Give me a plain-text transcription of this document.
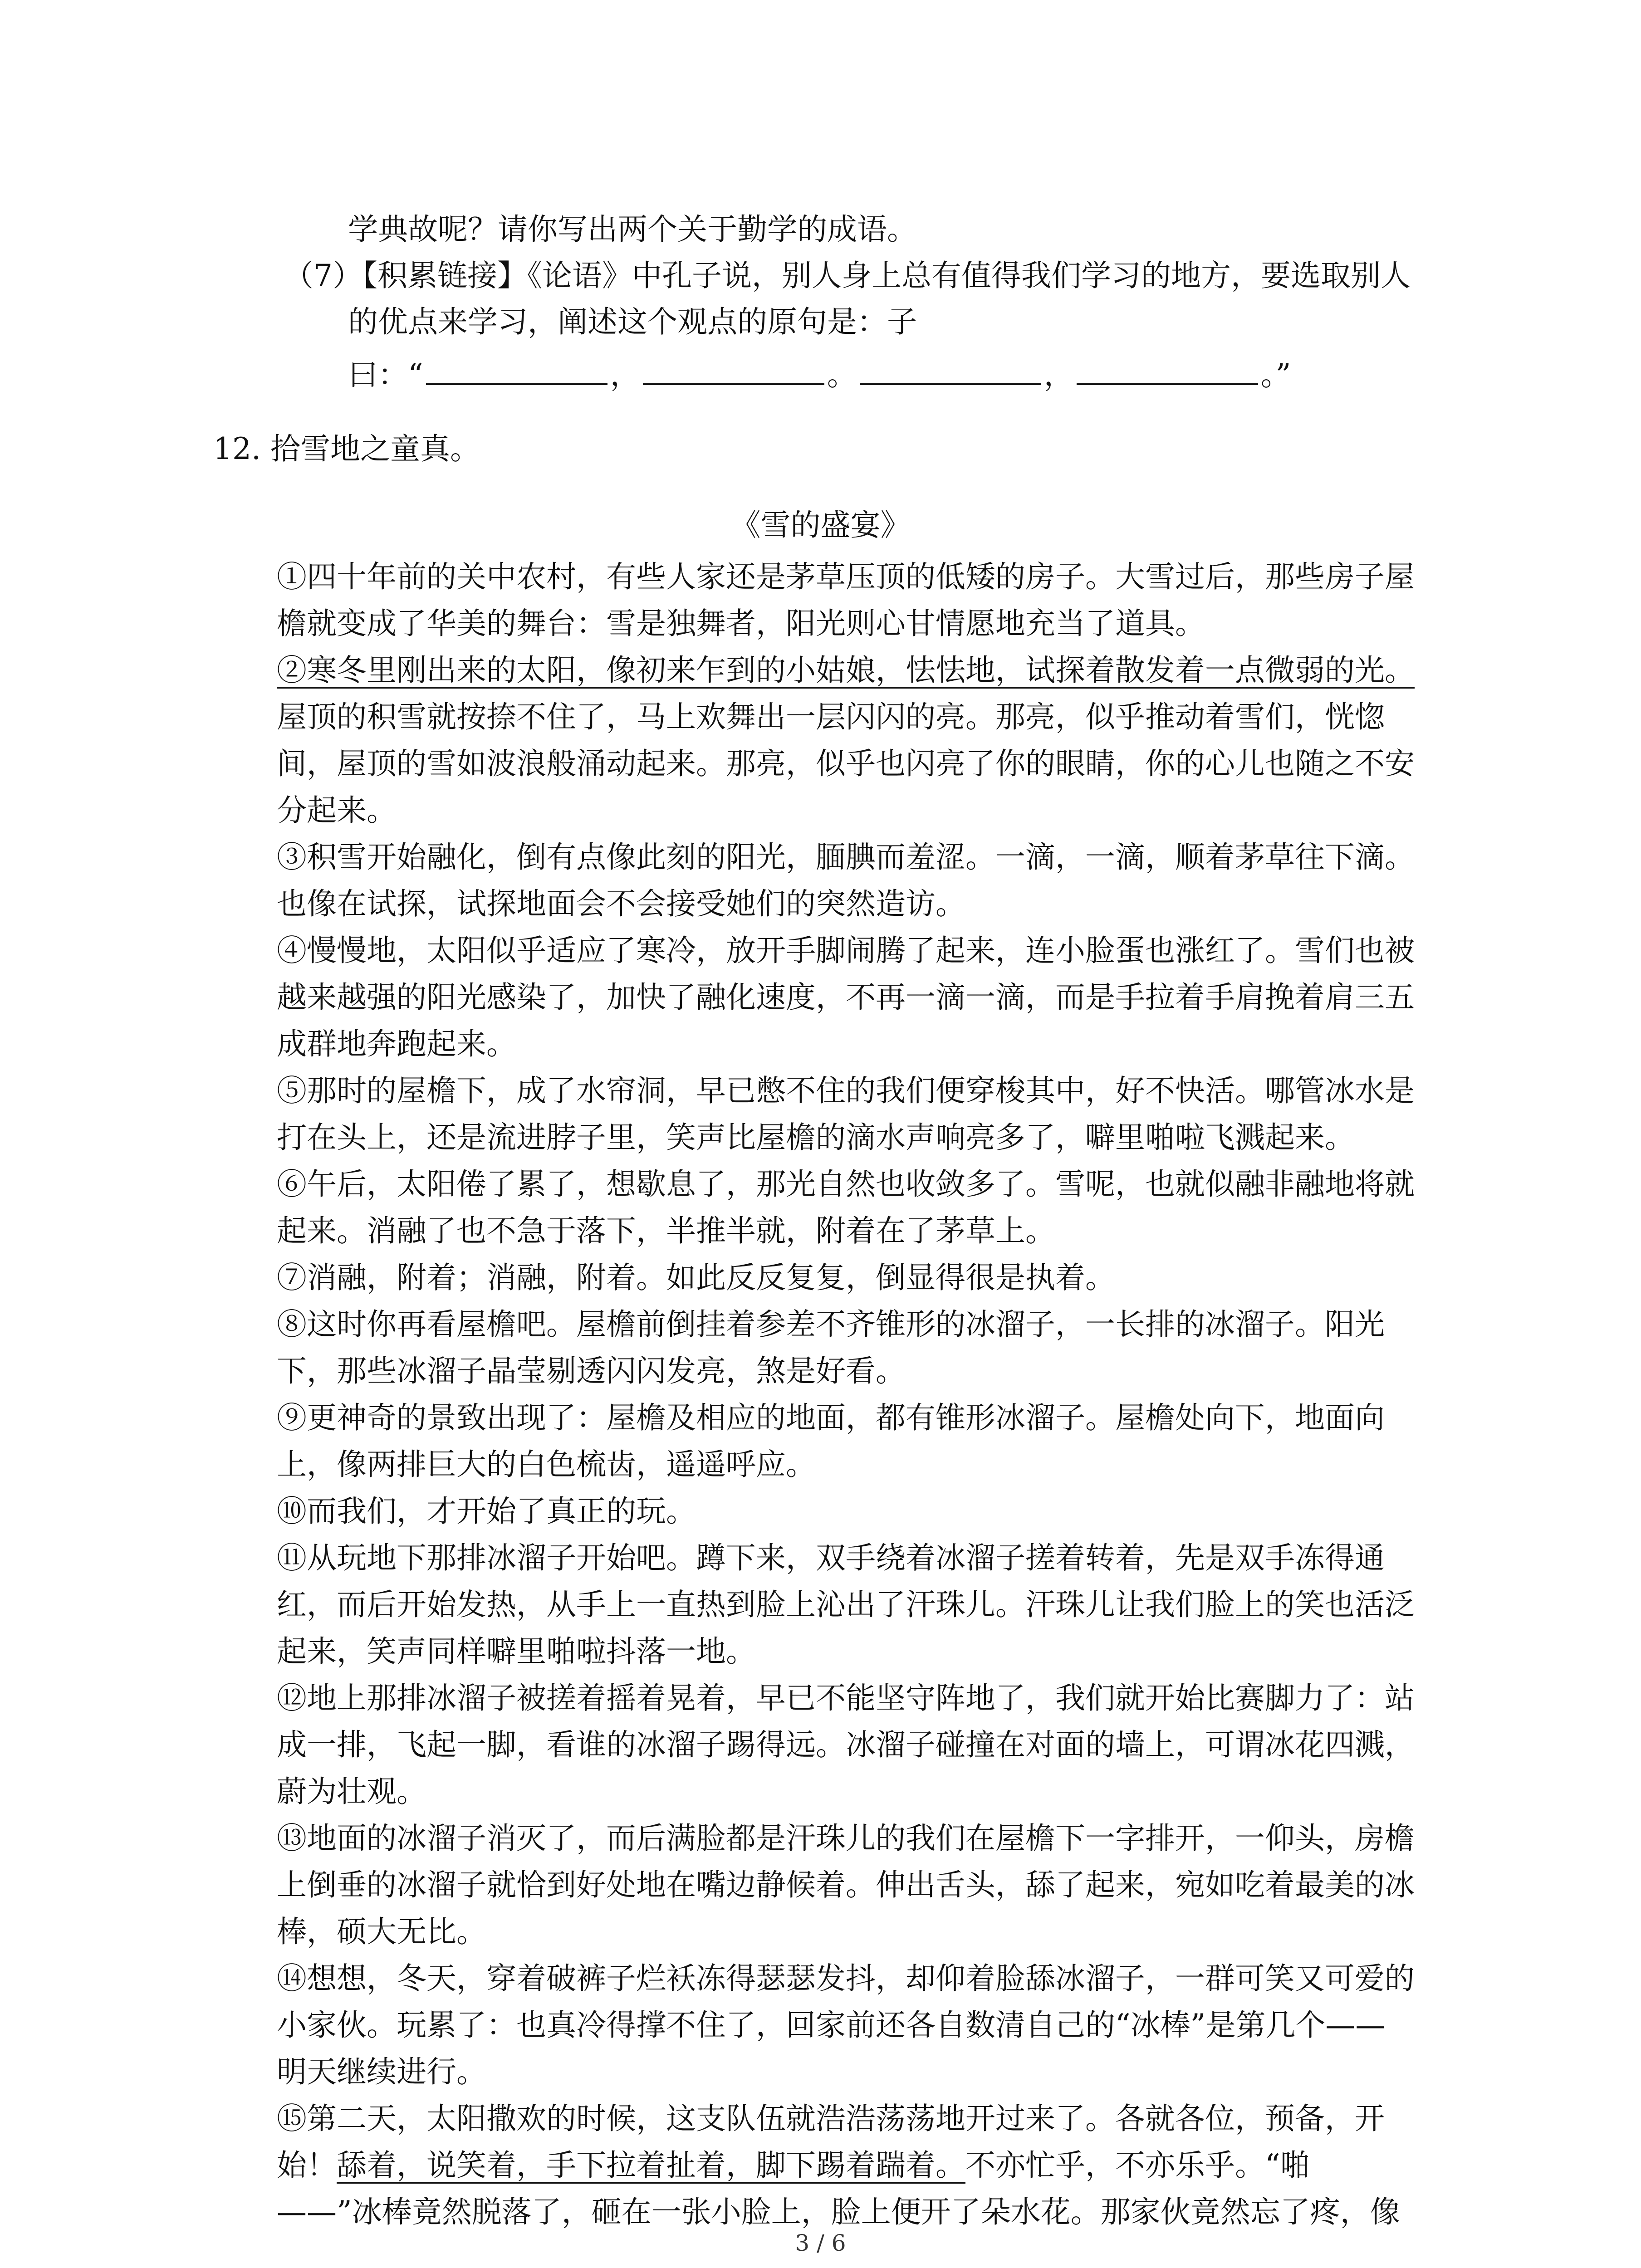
学典故呢？请你写出两个关于勤学的成语。
（7）【积累链接】《论语》中孔子说，别人身上总有值得我们学习的地方，要选取别人
的优点来学习，阐述这个观点的原句是：子
曰：“	，	。	，	。”
12. 拾雪地之童真。
《雪的盛宴》
①四十年前的关中农村，有些人家还是茅草压顶的低矮的房子。大雪过后，那些房子屋
檐就变成了华美的舞台：雪是独舞者，阳光则心甘情愿地充当了道具。
②寒冬里刚出来的太阳，像初来乍到的小姑娘，怯怯地，试探着散发着一点微弱的光。
屋顶的积雪就按捺不住了，马上欢舞出一层闪闪的亮。那亮，似乎推动着雪们，恍惚
间，屋顶的雪如波浪般涌动起来。那亮，似乎也闪亮了你的眼睛，你的心儿也随之不安
分起来。
③积雪开始融化，倒有点像此刻的阳光，腼腆而羞涩。一滴，一滴，顺着茅草往下滴。
也像在试探，试探地面会不会接受她们的突然造访。
④慢慢地，太阳似乎适应了寒冷，放开手脚闹腾了起来，连小脸蛋也涨红了。雪们也被
越来越强的阳光感染了，加快了融化速度，不再一滴一滴，而是手拉着手肩挽着肩三五
成群地奔跑起来。
⑤那时的屋檐下，成了水帘洞，早已憋不住的我们便穿梭其中，好不快活。哪管冰水是
打在头上，还是流进脖子里，笑声比屋檐的滴水声响亮多了，噼里啪啦飞溅起来。
⑥午后，太阳倦了累了，想歇息了，那光自然也收敛多了。雪呢，也就似融非融地将就
起来。消融了也不急于落下，半推半就，附着在了茅草上。
⑦消融，附着；消融，附着。如此反反复复，倒显得很是执着。
⑧这时你再看屋檐吧。屋檐前倒挂着参差不齐锥形的冰溜子，一长排的冰溜子。阳光
下，那些冰溜子晶莹剔透闪闪发亮，煞是好看。
⑨更神奇的景致出现了：屋檐及相应的地面，都有锥形冰溜子。屋檐处向下，地面向
上，像两排巨大的白色梳齿，遥遥呼应。
⑩而我们，才开始了真正的玩。
⑪从玩地下那排冰溜子开始吧。蹲下来，双手绕着冰溜子搓着转着，先是双手冻得通
红，而后开始发热，从手上一直热到脸上沁出了汗珠儿。汗珠儿让我们脸上的笑也活泛
起来，笑声同样噼里啪啦抖落一地。
⑫地上那排冰溜子被搓着摇着晃着，早已不能坚守阵地了，我们就开始比赛脚力了：站
成一排，飞起一脚，看谁的冰溜子踢得远。冰溜子碰撞在对面的墙上，可谓冰花四溅，
蔚为壮观。
⑬地面的冰溜子消灭了，而后满脸都是汗珠儿的我们在屋檐下一字排开，一仰头，房檐
上倒垂的冰溜子就恰到好处地在嘴边静候着。伸出舌头，舔了起来，宛如吃着最美的冰
棒，硕大无比。
⑭想想，冬天，穿着破裤子烂袄冻得瑟瑟发抖，却仰着脸舔冰溜子，一群可笑又可爱的
小家伙。玩累了：也真冷得撑不住了，回家前还各自数清自己的“冰棒”是第几个——
明天继续进行。
⑮第二天，太阳撒欢的时候，这支队伍就浩浩荡荡地开过来了。各就各位，预备，开
始！舔着，说笑着，手下拉着扯着，脚下踢着踹着。不亦忙乎，不亦乐乎。“啪
——”冰棒竟然脱落了，砸在一张小脸上，脸上便开了朵水花。那家伙竟然忘了疼，像
3 / 6
